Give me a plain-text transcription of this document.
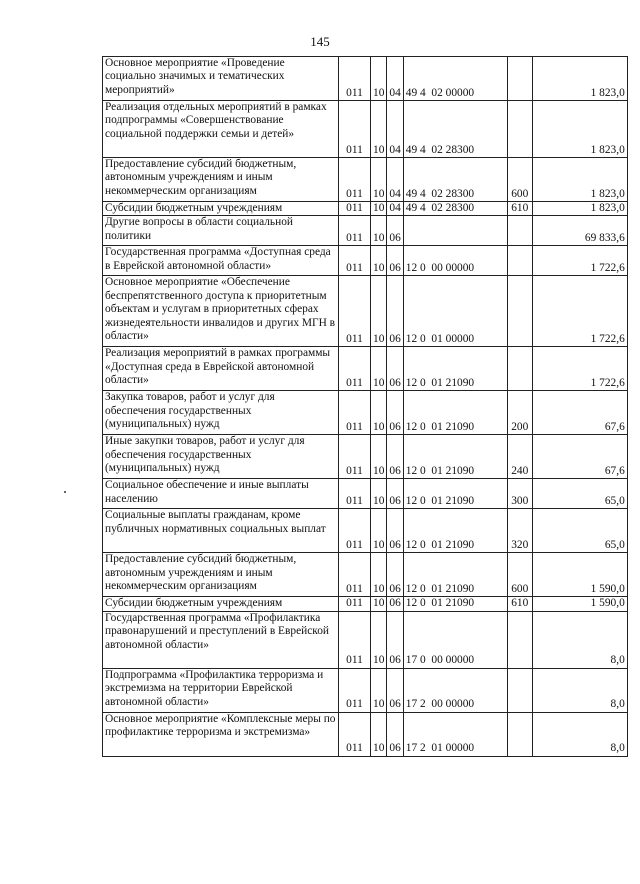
145
Основное мероприятие «Проведение социально значимых и тематических мероприятий»	011	10	04	49 4  02 00000		1 823,0
Реализация отдельных мероприятий в рамках подпрограммы «Совершенствование социальной поддержки семьи и детей»	011	10	04	49 4  02 28300		1 823,0
Предоставление субсидий бюджетным, автономным учреждениям и иным некоммерческим организациям	011	10	04	49 4  02 28300	600	1 823,0
Субсидии бюджетным учреждениям	011	10	04	49 4  02 28300	610	1 823,0
Другие вопросы в области социальной политики	011	10	06			69 833,6
Государственная программа «Доступная среда в Еврейской автономной области»	011	10	06	12 0  00 00000		1 722,6
Основное мероприятие «Обеспечение беспрепятственного доступа к приоритетным объектам и услугам в приоритетных сферах жизнедеятельности инвалидов и других МГН в области»	011	10	06	12 0  01 00000		1 722,6
Реализация мероприятий в рамках программы «Доступная среда в Еврейской автономной области»	011	10	06	12 0  01 21090		1 722,6
Закупка товаров, работ и услуг для обеспечения государственных (муниципальных) нужд	011	10	06	12 0  01 21090	200	67,6
Иные закупки товаров, работ и услуг для обеспечения государственных (муниципальных) нужд	011	10	06	12 0  01 21090	240	67,6
Социальное обеспечение и иные выплаты населению	011	10	06	12 0  01 21090	300	65,0
Социальные выплаты гражданам, кроме публичных нормативных социальных выплат	011	10	06	12 0  01 21090	320	65,0
Предоставление субсидий бюджетным, автономным учреждениям и иным некоммерческим организациям	011	10	06	12 0  01 21090	600	1 590,0
Субсидии бюджетным учреждениям	011	10	06	12 0  01 21090	610	1 590,0
Государственная программа «Профилактика правонарушений и преступлений в Еврейской автономной области»	011	10	06	17 0  00 00000		8,0
Подпрограмма «Профилактика терроризма и экстремизма на территории Еврейской автономной области»	011	10	06	17 2  00 00000		8,0
Основное мероприятие «Комплексные меры по профилактике терроризма и экстремизма»	011	10	06	17 2  01 00000		8,0
